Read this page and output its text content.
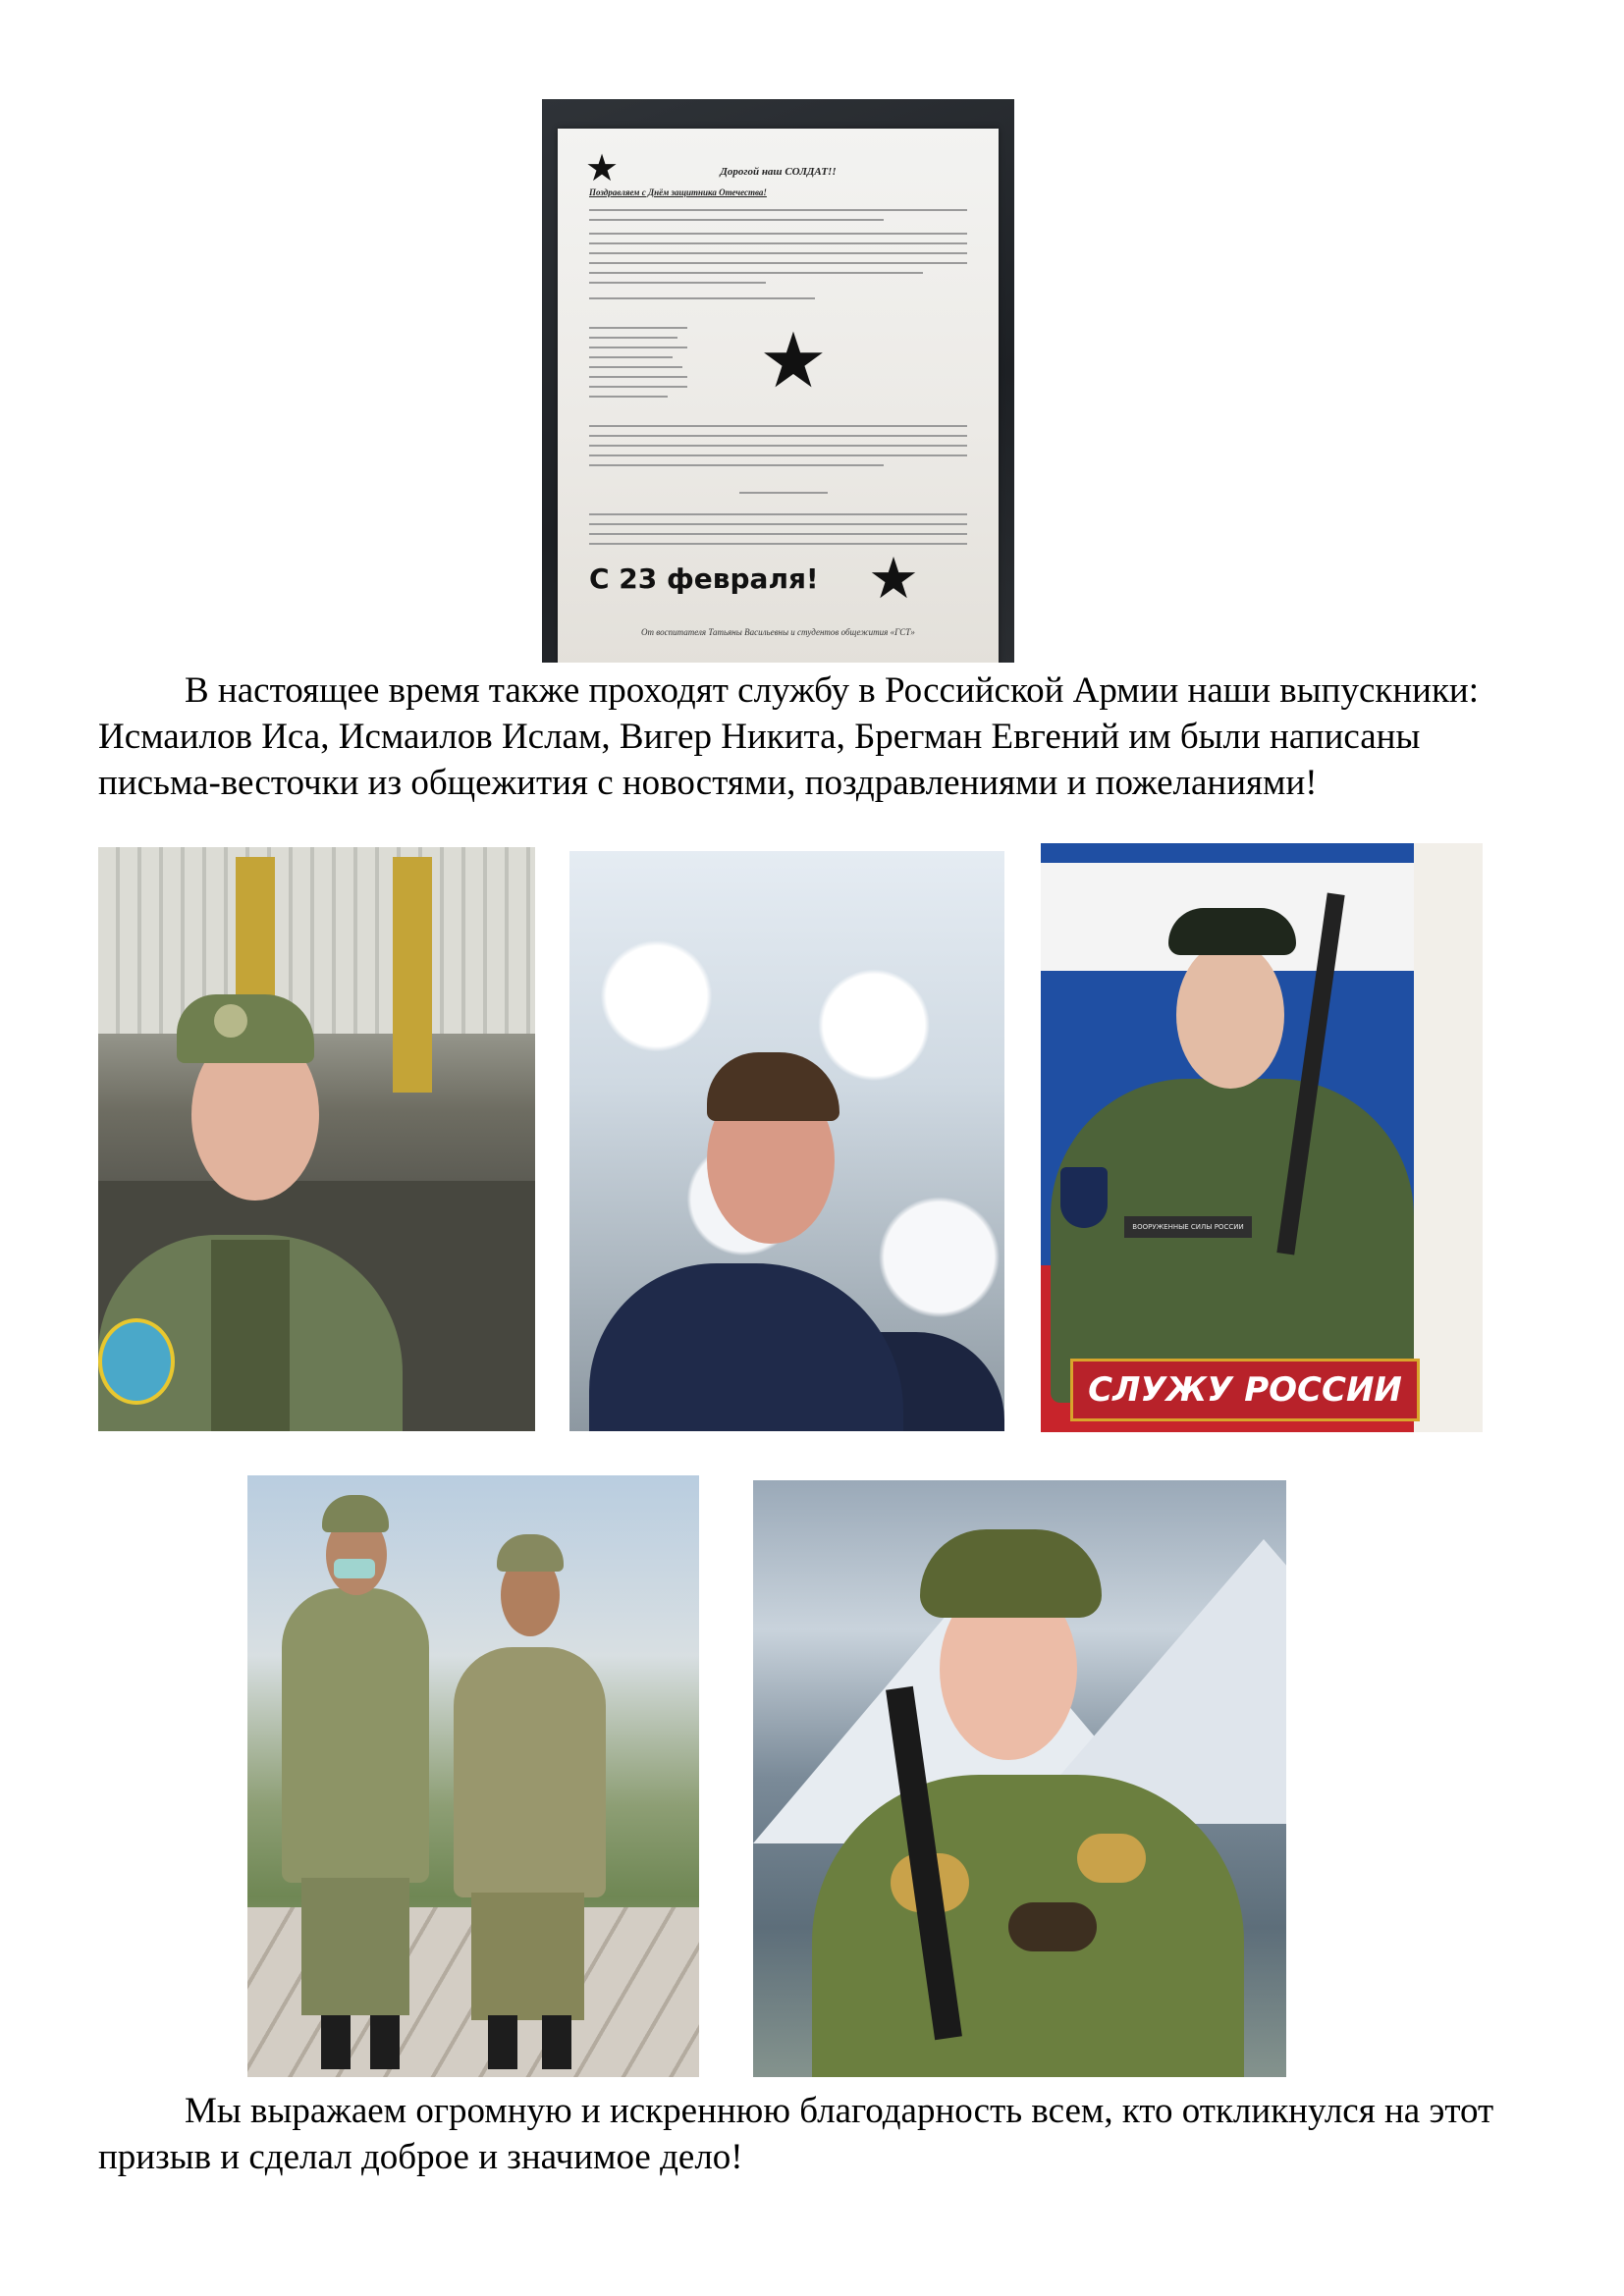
★	Дорогой наш СОЛДАТ!!
Поздравляем с Днём защитника Отечества!
★
С 23 февраля! ★
От воспитателя Татьяны Васильевны и студентов общежития «ГСТ»

В настоящее время также проходят службу в Российской Армии наши выпускники: Исмаилов Иса, Исмаилов Ислам, Вигер Никита, Брегман Евгений им были написаны письма-весточки из общежития с новостями, поздравлениями и пожеланиями!

ВООРУЖЕННЫЕ СИЛЫ РОССИИ
СЛУЖУ РОССИИ

Мы выражаем огромную и искреннюю благодарность всем, кто откликнулся на этот призыв и сделал доброе и значимое дело!
